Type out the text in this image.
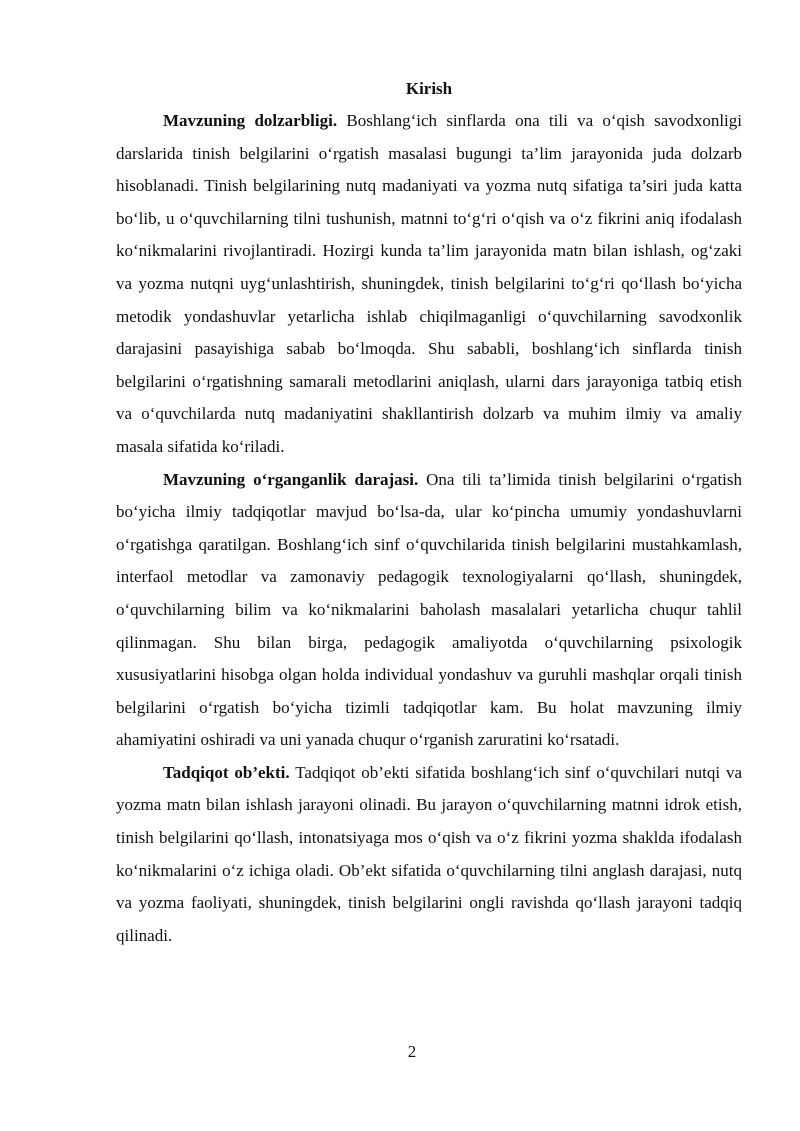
Kirish

Mavzuning dolzarbligi. Boshlang‘ich sinflarda ona tili va o‘qish savodxonligi darslarida tinish belgilarini o‘rgatish masalasi bugungi ta’lim jarayonida juda dolzarb hisoblanadi. Tinish belgilarining nutq madaniyati va yozma nutq sifatiga ta’siri juda katta bo‘lib, u o‘quvchilarning tilni tushunish, matnni to‘g‘ri o‘qish va o‘z fikrini aniq ifodalash ko‘nikmalarini rivojlantiradi. Hozirgi kunda ta’lim jarayonida matn bilan ishlash, og‘zaki va yozma nutqni uyg‘unlashtirish, shuningdek, tinish belgilarini to‘g‘ri qo‘llash bo‘yicha metodik yondashuvlar yetarlicha ishlab chiqilmaganligi o‘quvchilarning savodxonlik darajasini pasayishiga sabab bo‘lmoqda. Shu sababli, boshlang‘ich sinflarda tinish belgilarini o‘rgatishning samarali metodlarini aniqlash, ularni dars jarayoniga tatbiq etish va o‘quvchilarda nutq madaniyatini shakllantirish dolzarb va muhim ilmiy va amaliy masala sifatida ko‘riladi.

Mavzuning o‘rganganlik darajasi. Ona tili ta’limida tinish belgilarini o‘rgatish bo‘yicha ilmiy tadqiqotlar mavjud bo‘lsa-da, ular ko‘pincha umumiy yondashuvlarni o‘rgatishga qaratilgan. Boshlang‘ich sinf o‘quvchilarida tinish belgilarini mustahkamlash, interfaol metodlar va zamonaviy pedagogik texnologiyalarni qo‘llash, shuningdek, o‘quvchilarning bilim va ko‘nikmalarini baholash masalalari yetarlicha chuqur tahlil qilinmagan. Shu bilan birga, pedagogik amaliyotda o‘quvchilarning psixologik xususiyatlarini hisobga olgan holda individual yondashuv va guruhli mashqlar orqali tinish belgilarini o‘rgatish bo‘yicha tizimli tadqiqotlar kam. Bu holat mavzuning ilmiy ahamiyatini oshiradi va uni yanada chuqur o‘rganish zaruratini ko‘rsatadi.

Tadqiqot ob’ekti. Tadqiqot ob’ekti sifatida boshlang‘ich sinf o‘quvchilari nutqi va yozma matn bilan ishlash jarayoni olinadi. Bu jarayon o‘quvchilarning matnni idrok etish, tinish belgilarini qo‘llash, intonatsiyaga mos o‘qish va o‘z fikrini yozma shaklda ifodalash ko‘nikmalarini o‘z ichiga oladi. Ob’ekt sifatida o‘quvchilarning tilni anglash darajasi, nutq va yozma faoliyati, shuningdek, tinish belgilarini ongli ravishda qo‘llash jarayoni tadqiq qilinadi.

2
